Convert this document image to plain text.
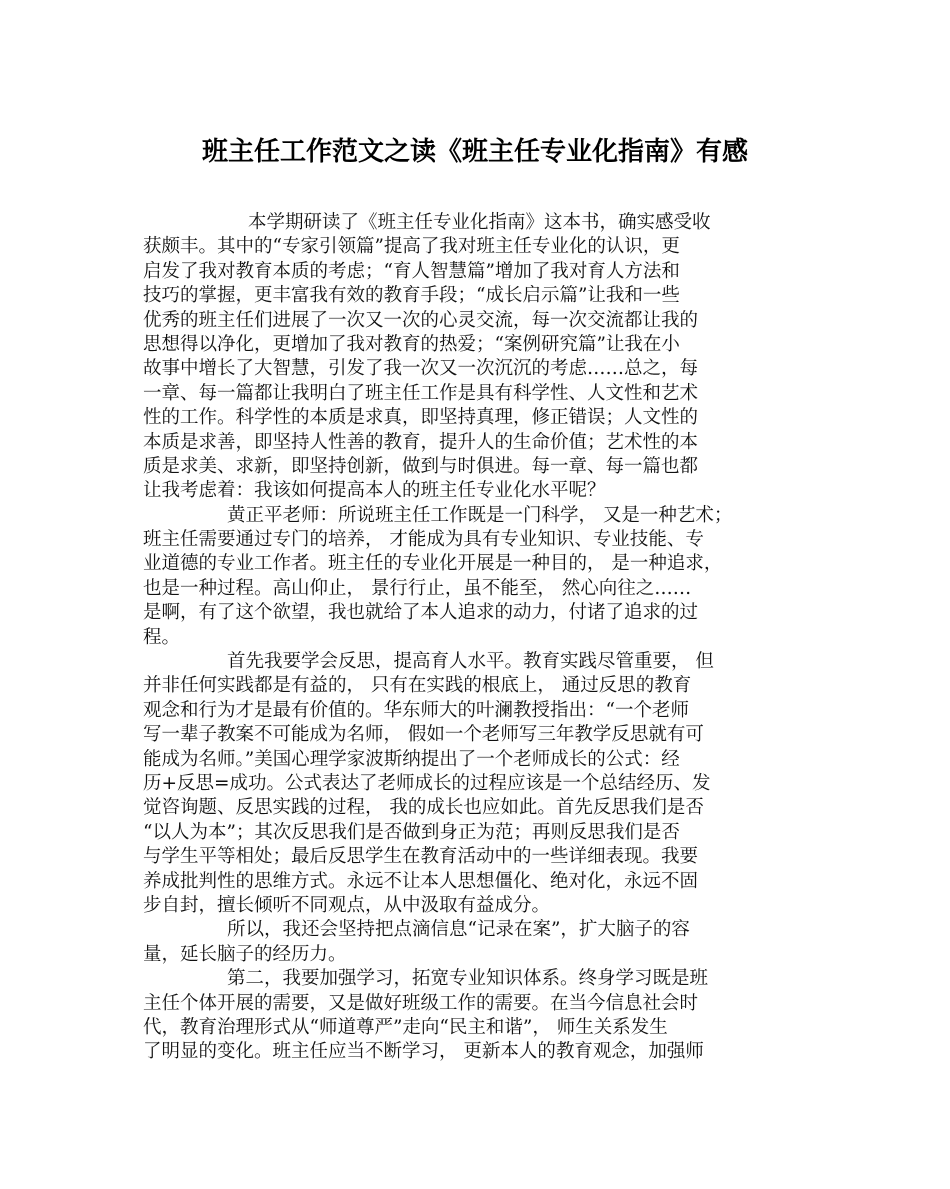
班主任工作范文之读《班主任专业化指南》有感
本学期研读了《班主任专业化指南》这本书，确实感受收
获颇丰。其中的“专家引领篇”提高了我对班主任专业化的认识，更
启发了我对教育本质的考虑；“育人智慧篇”增加了我对育人方法和
技巧的掌握，更丰富我有效的教育手段；“成长启示篇”让我和一些
优秀的班主任们进展了一次又一次的心灵交流，每一次交流都让我的
思想得以净化，更增加了我对教育的热爱；“案例研究篇”让我在小
故事中增长了大智慧，引发了我一次又一次沉沉的考虑……总之，每
一章、每一篇都让我明白了班主任工作是具有科学性、人文性和艺术
性的工作。科学性的本质是求真，即坚持真理，修正错误；人文性的
本质是求善，即坚持人性善的教育，提升人的生命价值；艺术性的本
质是求美、求新，即坚持创新，做到与时俱进。每一章、每一篇也都
让我考虑着：我该如何提高本人的班主任专业化水平呢？
黄正平老师：所说班主任工作既是一门科学， 又是一种艺术；
班主任需要通过专门的培养， 才能成为具有专业知识、专业技能、专
业道德的专业工作者。班主任的专业化开展是一种目的， 是一种追求，
也是一种过程。高山仰止， 景行行止，虽不能至， 然心向往之……
是啊，有了这个欲望，我也就给了本人追求的动力，付诸了追求的过
程。
首先我要学会反思，提高育人水平。教育实践尽管重要， 但
并非任何实践都是有益的， 只有在实践的根底上， 通过反思的教育
观念和行为才是最有价值的。华东师大的叶澜教授指出：“一个老师
写一辈子教案不可能成为名师， 假如一个老师写三年教学反思就有可
能成为名师。”美国心理学家波斯纳提出了一个老师成长的公式：经
历+反思=成功。公式表达了老师成长的过程应该是一个总结经历、发
觉咨询题、反思实践的过程， 我的成长也应如此。首先反思我们是否
“以人为本”；其次反思我们是否做到身正为范；再则反思我们是否
与学生平等相处；最后反思学生在教育活动中的一些详细表现。我要
养成批判性的思维方式。永远不让本人思想僵化、绝对化，永远不固
步自封，擅长倾听不同观点，从中汲取有益成分。
所以，我还会坚持把点滴信息“记录在案”，扩大脑子的容
量，延长脑子的经历力。
第二，我要加强学习，拓宽专业知识体系。终身学习既是班
主任个体开展的需要，又是做好班级工作的需要。在当今信息社会时
代，教育治理形式从“师道尊严”走向“民主和谐”， 师生关系发生
了明显的变化。班主任应当不断学习， 更新本人的教育观念，加强师
